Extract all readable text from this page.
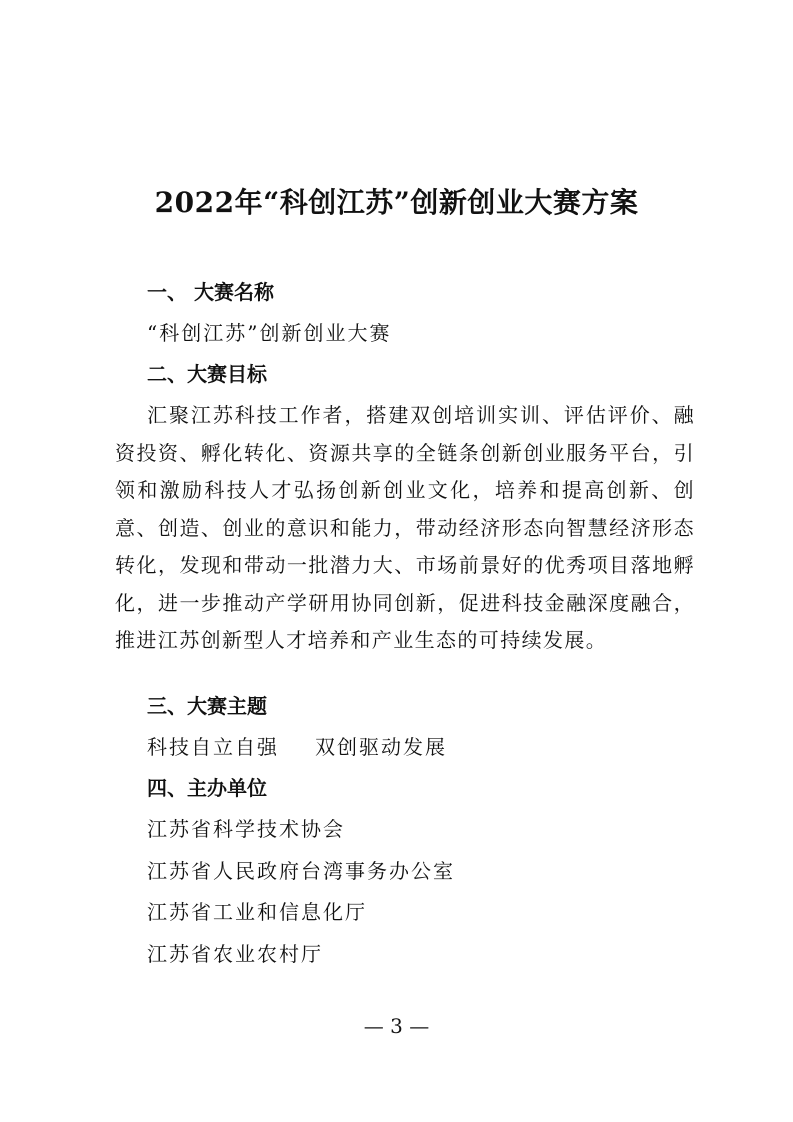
2022年“科创江苏”创新创业大赛方案
一、 大赛名称
“科创江苏”创新创业大赛
二、大赛目标
汇聚江苏科技工作者，搭建双创培训实训、评估评价、融资投资、孵化转化、资源共享的全链条创新创业服务平台，引领和激励科技人才弘扬创新创业文化，培养和提高创新、创意、创造、创业的意识和能力，带动经济形态向智慧经济形态转化，发现和带动一批潜力大、市场前景好的优秀项目落地孵化，进一步推动产学研用协同创新，促进科技金融深度融合，推进江苏创新型人才培养和产业生态的可持续发展。
三、大赛主题
科技自立自强 双创驱动发展
四、主办单位
江苏省科学技术协会
江苏省人民政府台湾事务办公室
江苏省工业和信息化厅
江苏省农业农村厅
— 3 —
